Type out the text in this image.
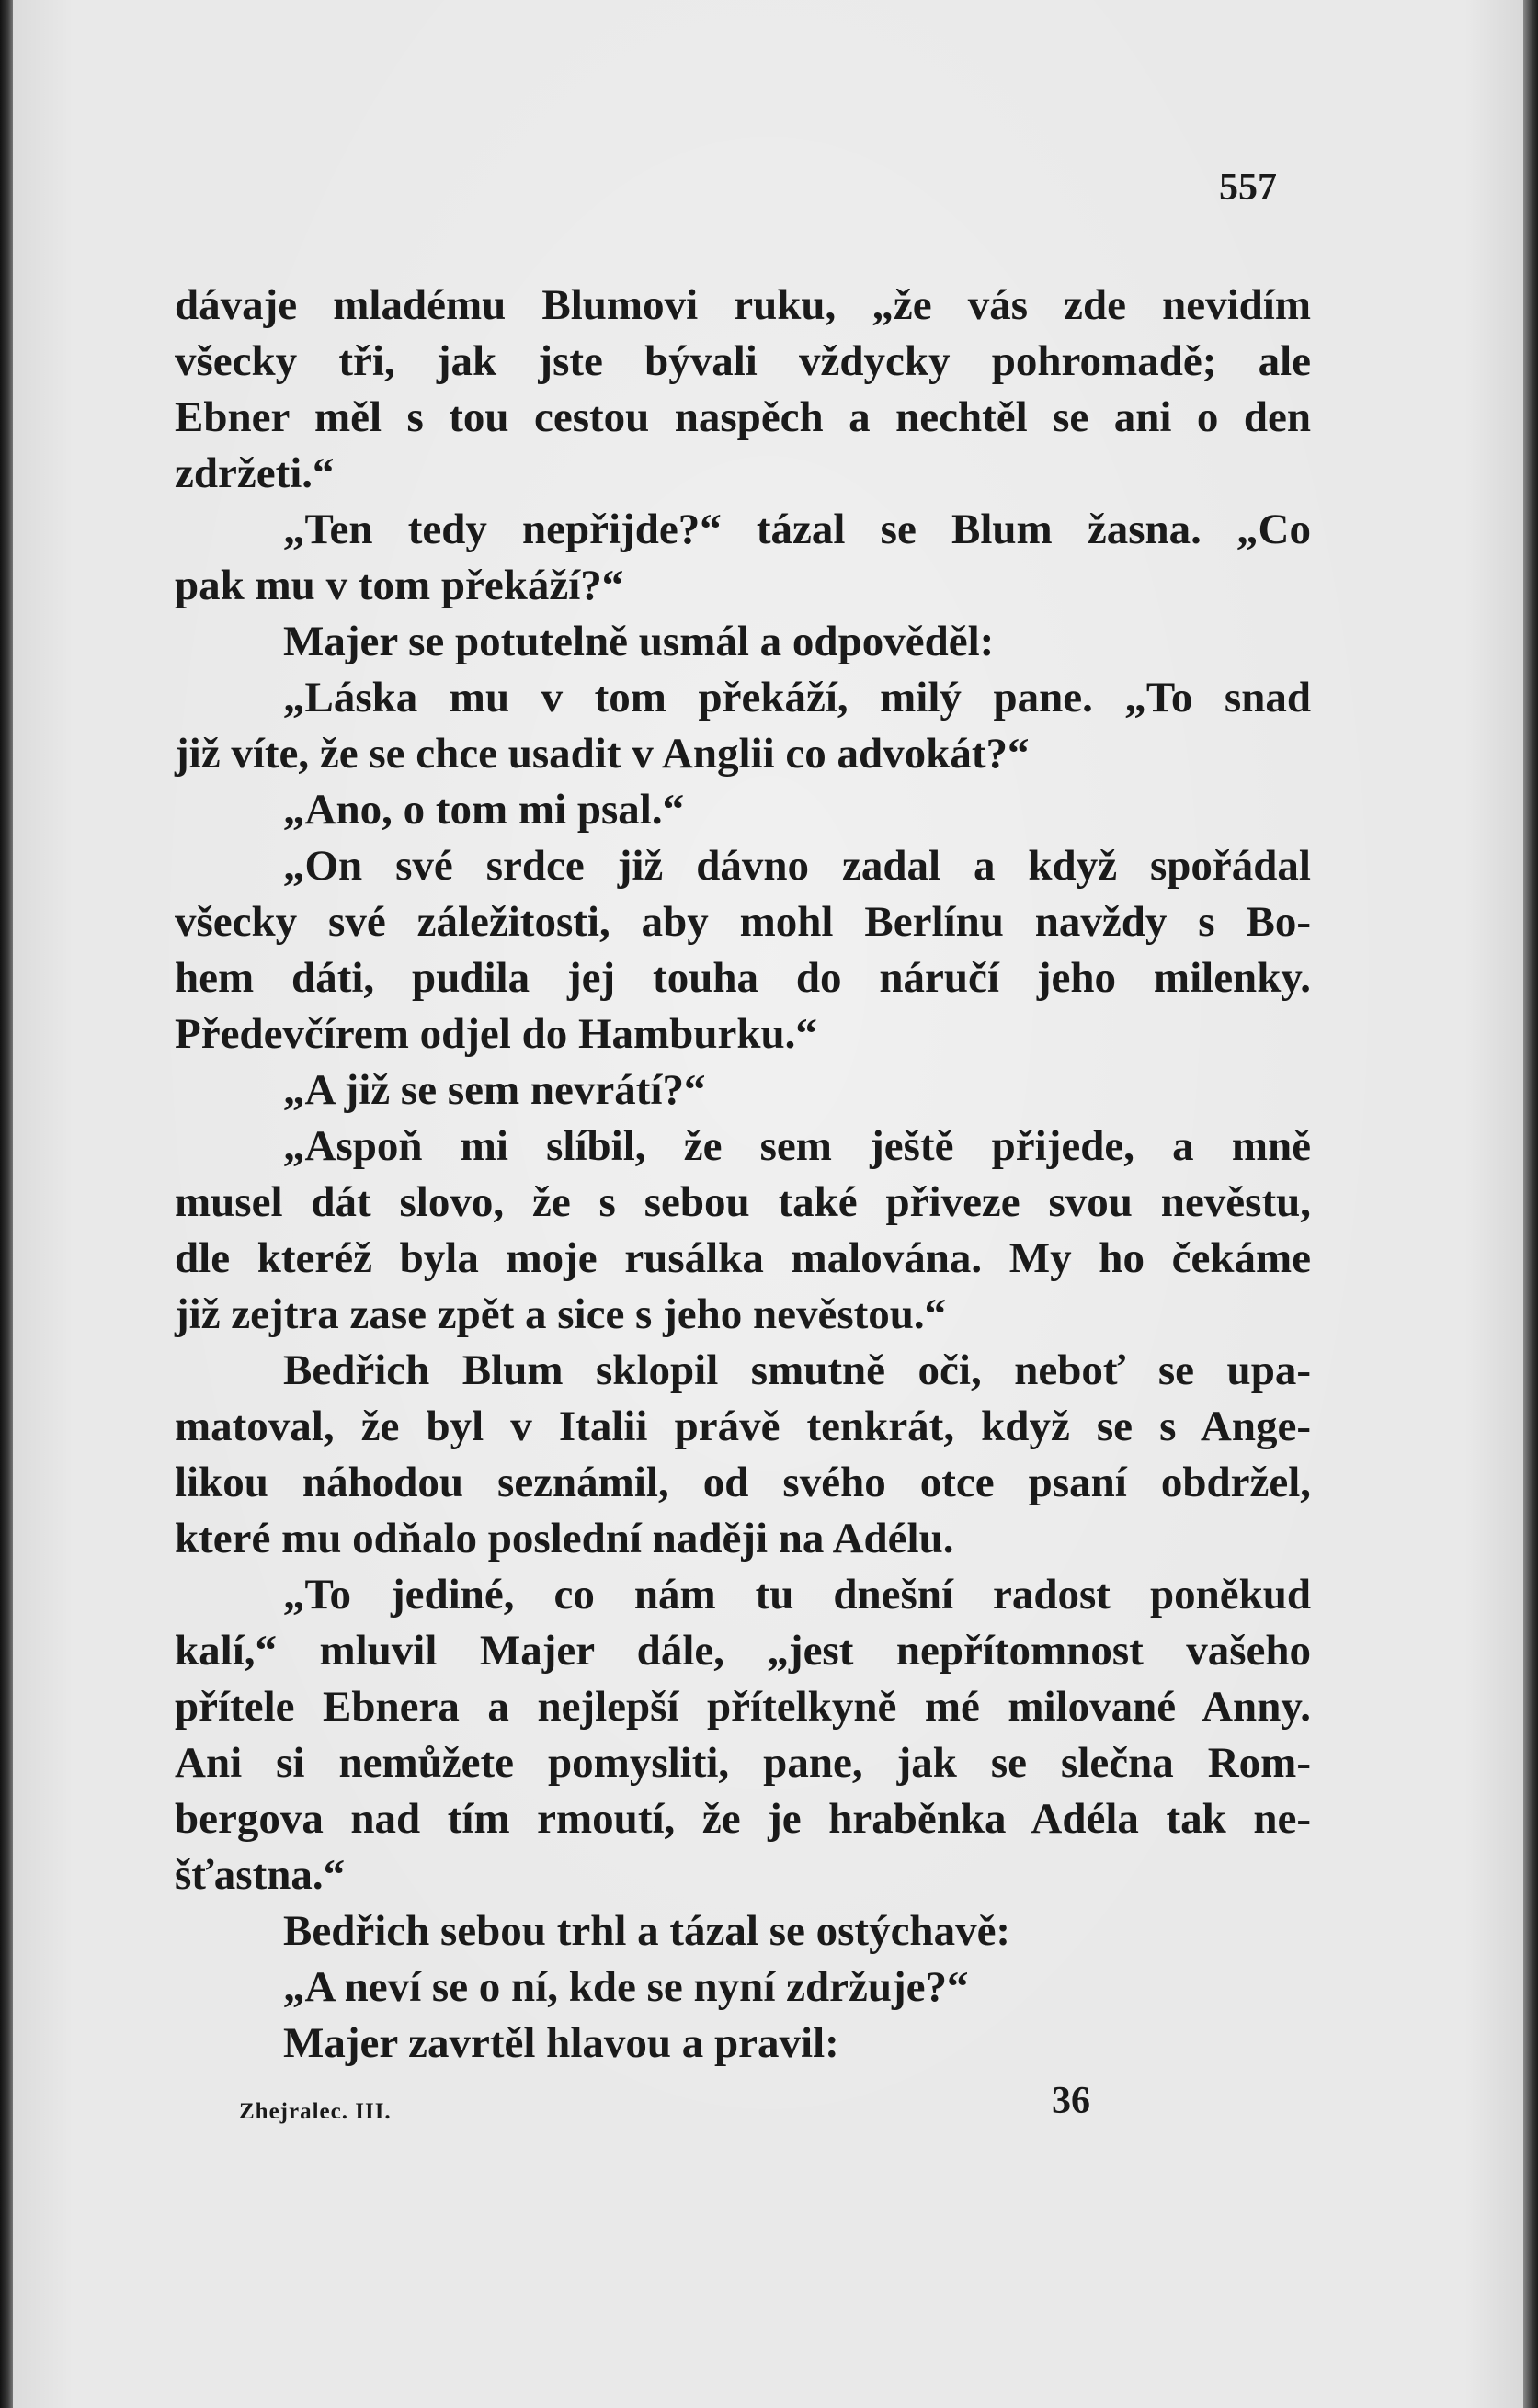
557
dávaje mladému Blumovi ruku, „že vás zde nevidím
všecky tři, jak jste bývali vždycky pohromadě; ale
Ebner měl s tou cestou naspěch a nechtěl se ani o den
zdržeti.“
„Ten tedy nepřijde?“ tázal se Blum žasna. „Co
pak mu v tom překáží?“
Majer se potutelně usmál a odpověděl:
„Láska mu v tom překáží, milý pane. „To snad
již víte, že se chce usadit v Anglii co advokát?“
„Ano, o tom mi psal.“
„On své srdce již dávno zadal a když spořádal
všecky své záležitosti, aby mohl Berlínu navždy s Bo-
hem dáti, pudila jej touha do náručí jeho milenky.
Předevčírem odjel do Hamburku.“
„A již se sem nevrátí?“
„Aspoň mi slíbil, že sem ještě přijede, a mně
musel dát slovo, že s sebou také přiveze svou nevěstu,
dle kteréž byla moje rusálka malována. My ho čekáme
již zejtra zase zpět a sice s jeho nevěstou.“
Bedřich Blum sklopil smutně oči, neboť se upa-
matoval, že byl v Italii právě tenkrát, když se s Ange-
likou náhodou seznámil, od svého otce psaní obdržel,
které mu odňalo poslední naději na Adélu.
„To jediné, co nám tu dnešní radost poněkud
kalí,“ mluvil Majer dále, „jest nepřítomnost vašeho
přítele Ebnera a nejlepší přítelkyně mé milované Anny.
Ani si nemůžete pomysliti, pane, jak se slečna Rom-
bergova nad tím rmoutí, že je hraběnka Adéla tak ne-
šťastna.“
Bedřich sebou trhl a tázal se ostýchavě:
„A neví se o ní, kde se nyní zdržuje?“
Majer zavrtěl hlavou a pravil:
Zhejralec. III.	36
